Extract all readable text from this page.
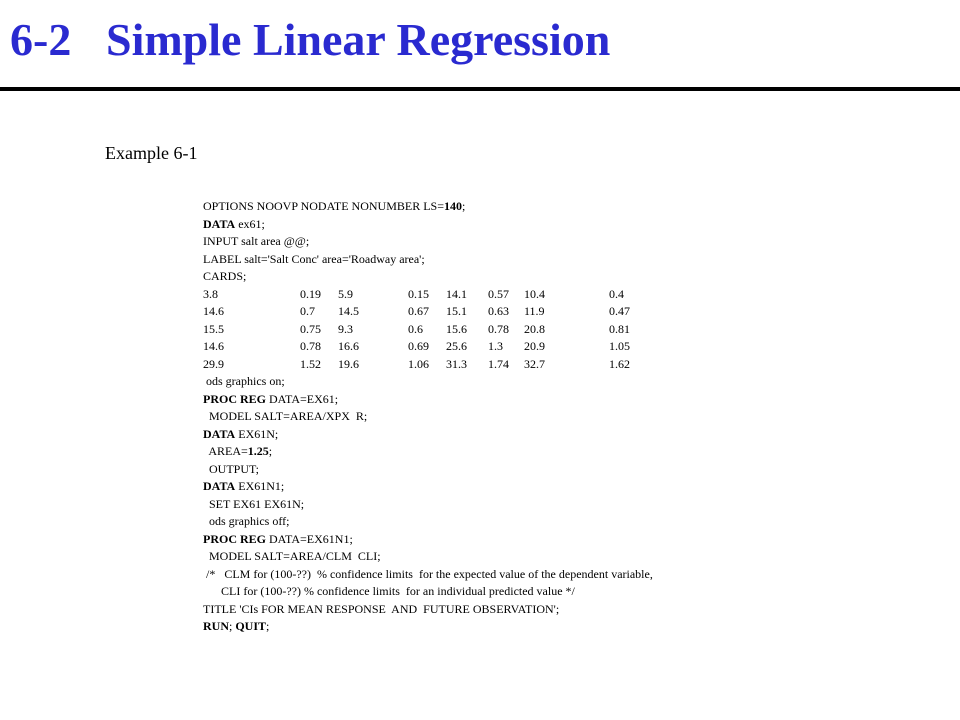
6-2 Simple Linear Regression
Example 6-1
OPTIONS NOOVP NODATE NONUMBER LS=140;
DATA ex61;
INPUT salt area @@;
LABEL salt='Salt Conc' area='Roadway area';
CARDS;
3.8	0.19 5.9	0.15 14.1 0.57 10.4	0.4
14.6	0.7 14.5	0.67 15.1 0.63 11.9	0.47
15.5	0.75 9.3	0.6 15.6 0.78 20.8	0.81
14.6	0.78 16.6	0.69 25.6 1.3 20.9	1.05
29.9	1.52 19.6	1.06 31.3 1.74 32.7	1.62
ods graphics on;
PROC REG DATA=EX61;
MODEL SALT=AREA/XPX  R;
DATA EX61N;
AREA=1.25;
OUTPUT;
DATA EX61N1;
SET EX61 EX61N;
ods graphics off;
PROC REG DATA=EX61N1;
MODEL SALT=AREA/CLM  CLI;
/*   CLM for (100-??)  % confidence limits  for the expected value of the dependent variable,
CLI for (100-??) % confidence limits  for an individual predicted value */
TITLE 'CIs FOR MEAN RESPONSE  AND  FUTURE OBSERVATION';
RUN; QUIT;
